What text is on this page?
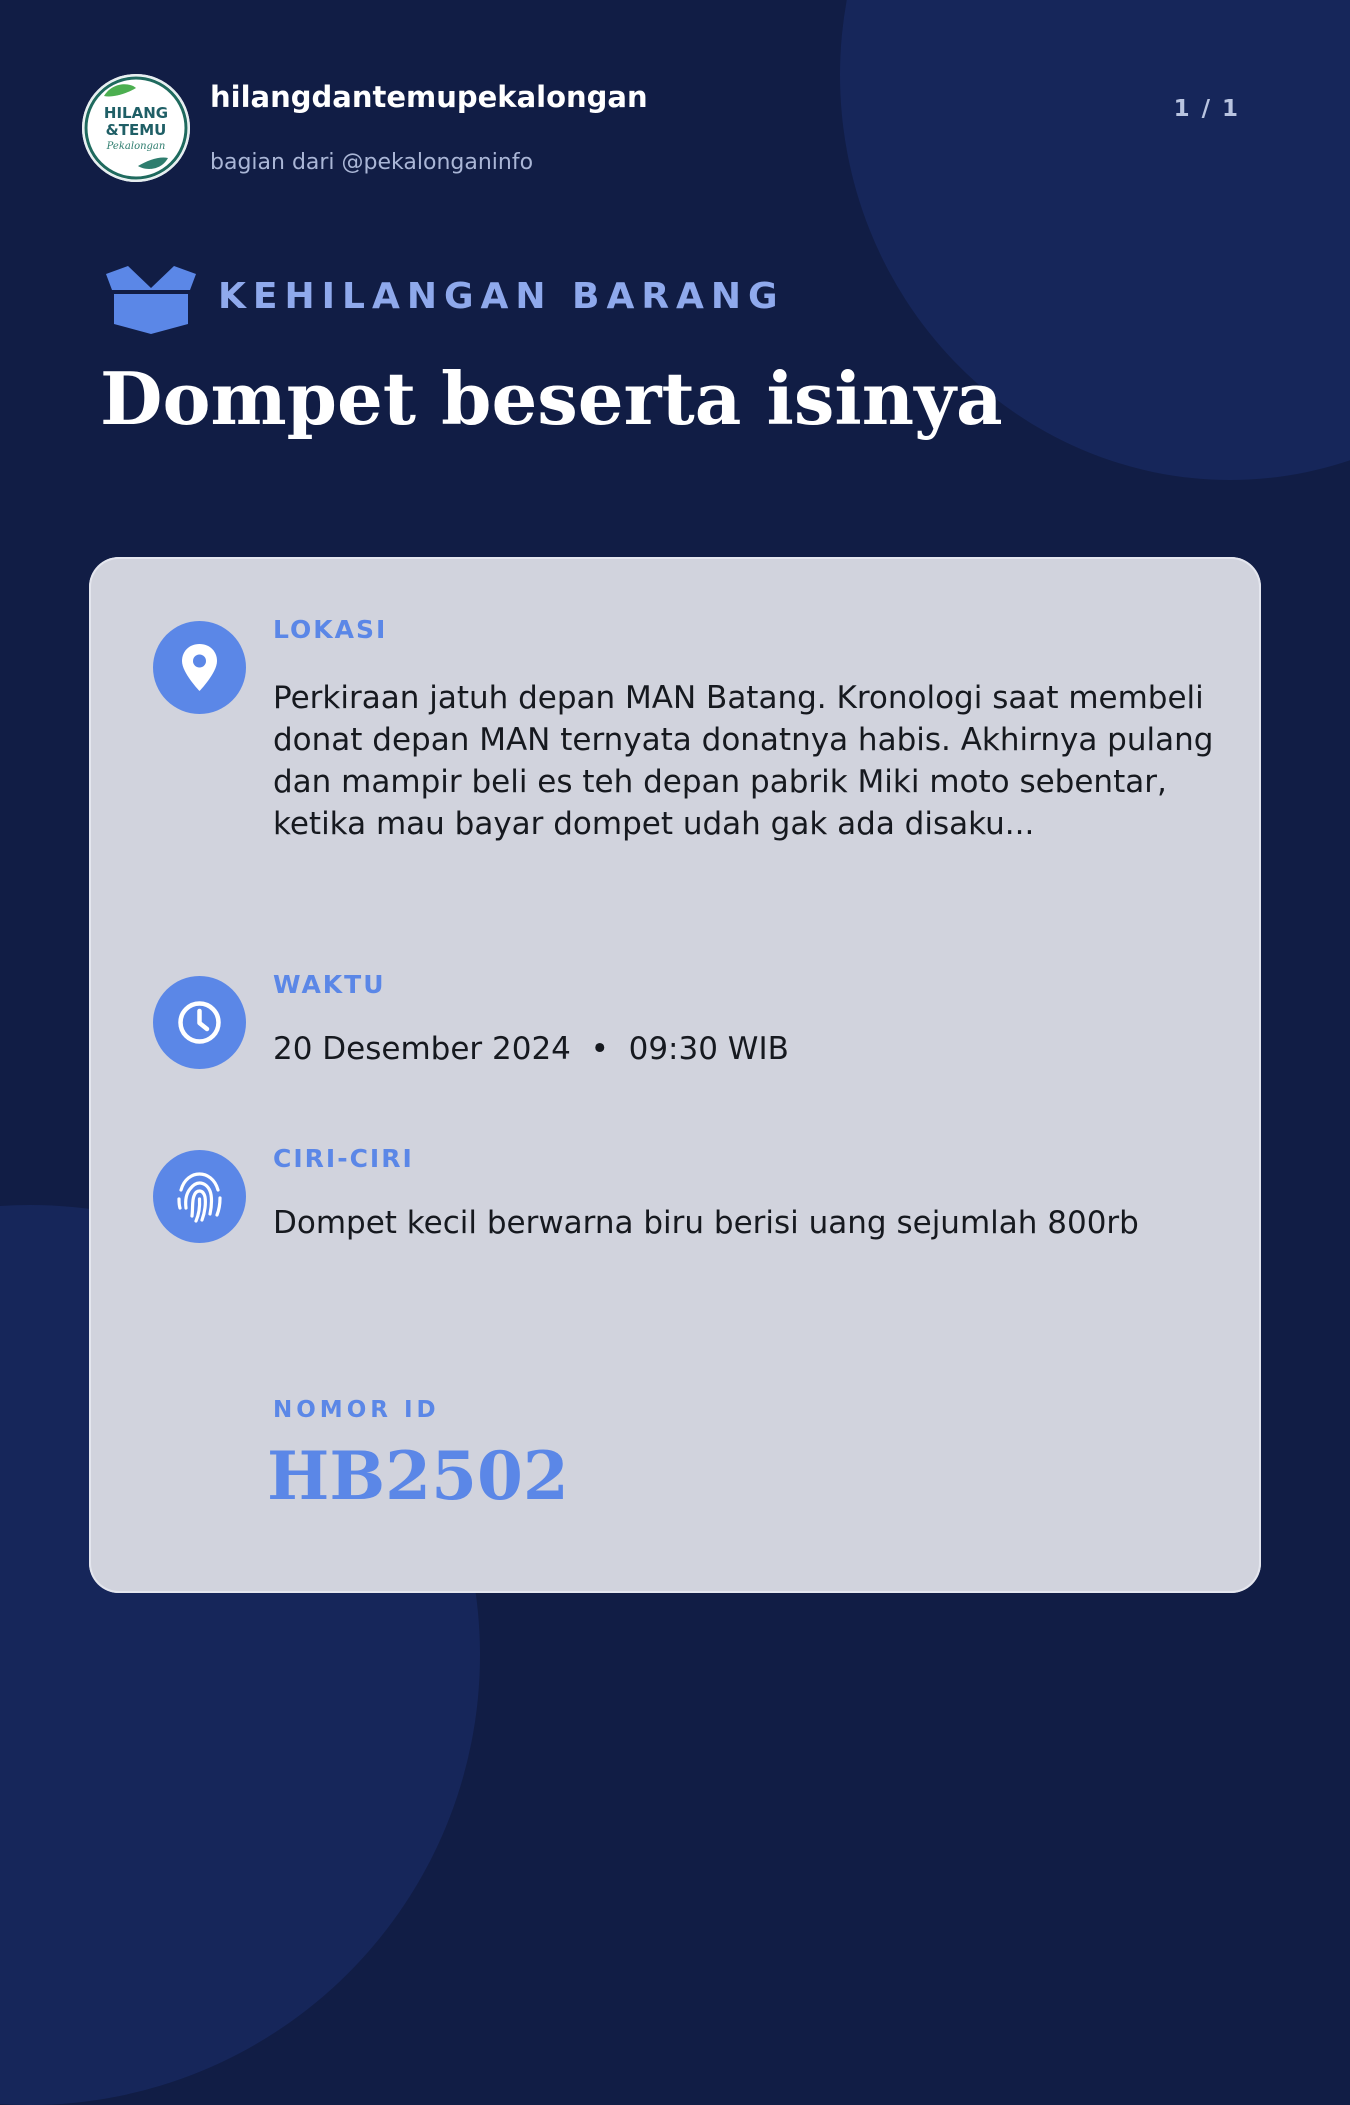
HILANG
&TEMU
Pekalongan
hilangdantemupekalongan
bagian dari @pekalonganinfo
1 / 1
KEHILANGAN BARANG
Dompet beserta isinya
LOKASI
Perkiraan jatuh depan MAN Batang. Kronologi saat membeli donat depan MAN ternyata donatnya habis. Akhirnya pulang dan mampir beli es teh depan pabrik Miki moto sebentar, ketika mau bayar dompet udah gak ada disaku...
WAKTU
20 Desember 2024  •  09:30 WIB
CIRI-CIRI
Dompet kecil berwarna biru berisi uang sejumlah 800rb
NOMOR ID
HB2502
